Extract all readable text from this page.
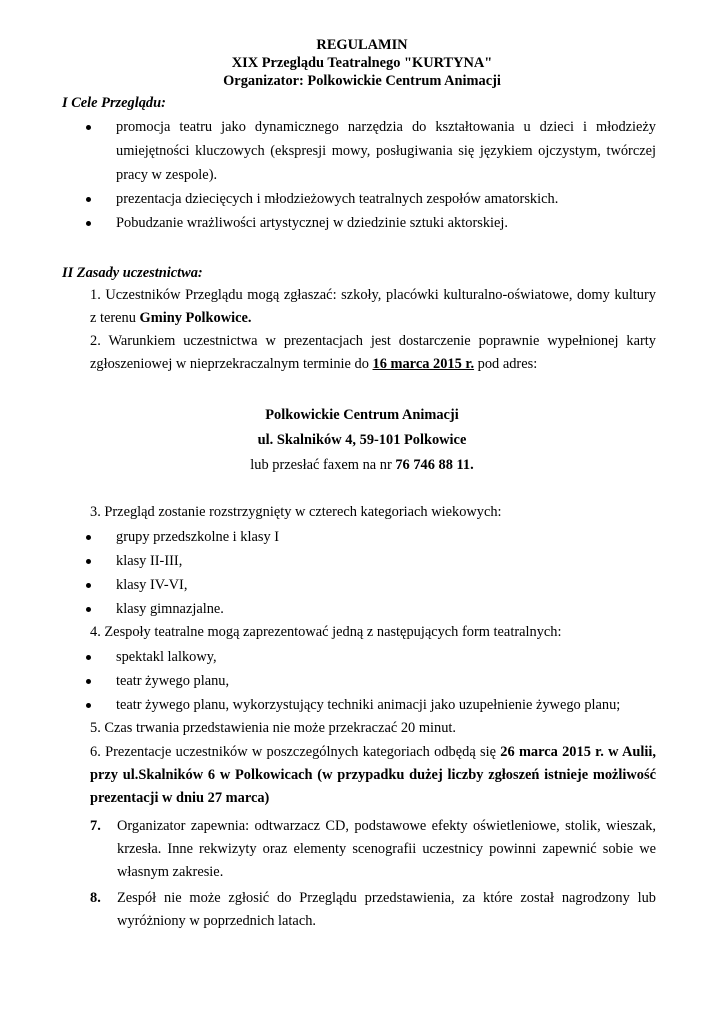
REGULAMIN
XIX Przeglądu Teatralnego "KURTYNA"
Organizator: Polkowickie Centrum Animacji
I Cele Przeglądu:
promocja teatru jako dynamicznego narzędzia do kształtowania u dzieci i młodzieży umiejętności kluczowych (ekspresji mowy, posługiwania się językiem ojczystym, twórczej pracy w zespole).
prezentacja dziecięcych i młodzieżowych teatralnych zespołów amatorskich.
Pobudzanie wrażliwości artystycznej w dziedzinie sztuki aktorskiej.
II Zasady uczestnictwa:
1. Uczestników Przeglądu mogą zgłaszać: szkoły, placówki kulturalno-oświatowe, domy kultury z terenu Gminy Polkowice.
2. Warunkiem uczestnictwa w prezentacjach jest dostarczenie poprawnie wypełnionej karty zgłoszeniowej w nieprzekraczalnym terminie do 16 marca 2015 r. pod adres:
Polkowickie Centrum Animacji
ul. Skalników 4, 59-101 Polkowice
lub przesłać faxem na nr 76 746 88 11.
3. Przegląd zostanie rozstrzygnięty w czterech kategoriach wiekowych:
grupy przedszkolne i klasy I
klasy II-III,
klasy IV-VI,
klasy gimnazjalne.
4. Zespoły teatralne mogą zaprezentować jedną z następujących form teatralnych:
spektakl lalkowy,
teatr żywego planu,
teatr żywego planu, wykorzystujący techniki animacji jako uzupełnienie żywego planu;
5. Czas trwania przedstawienia nie może przekraczać 20 minut.
6. Prezentacje uczestników w poszczególnych kategoriach odbędą się 26 marca 2015 r. w Aulii, przy ul.Skalników 6 w Polkowicach (w przypadku dużej liczby zgłoszeń istnieje możliwość prezentacji w dniu 27 marca)
7. Organizator zapewnia: odtwarzacz CD, podstawowe efekty oświetleniowe, stolik, wieszak, krzesła. Inne rekwizyty oraz elementy scenografii uczestnicy powinni zapewnić sobie we własnym zakresie.
8. Zespół nie może zgłosić do Przeglądu przedstawienia, za które został nagrodzony lub wyróżniony w poprzednich latach.
